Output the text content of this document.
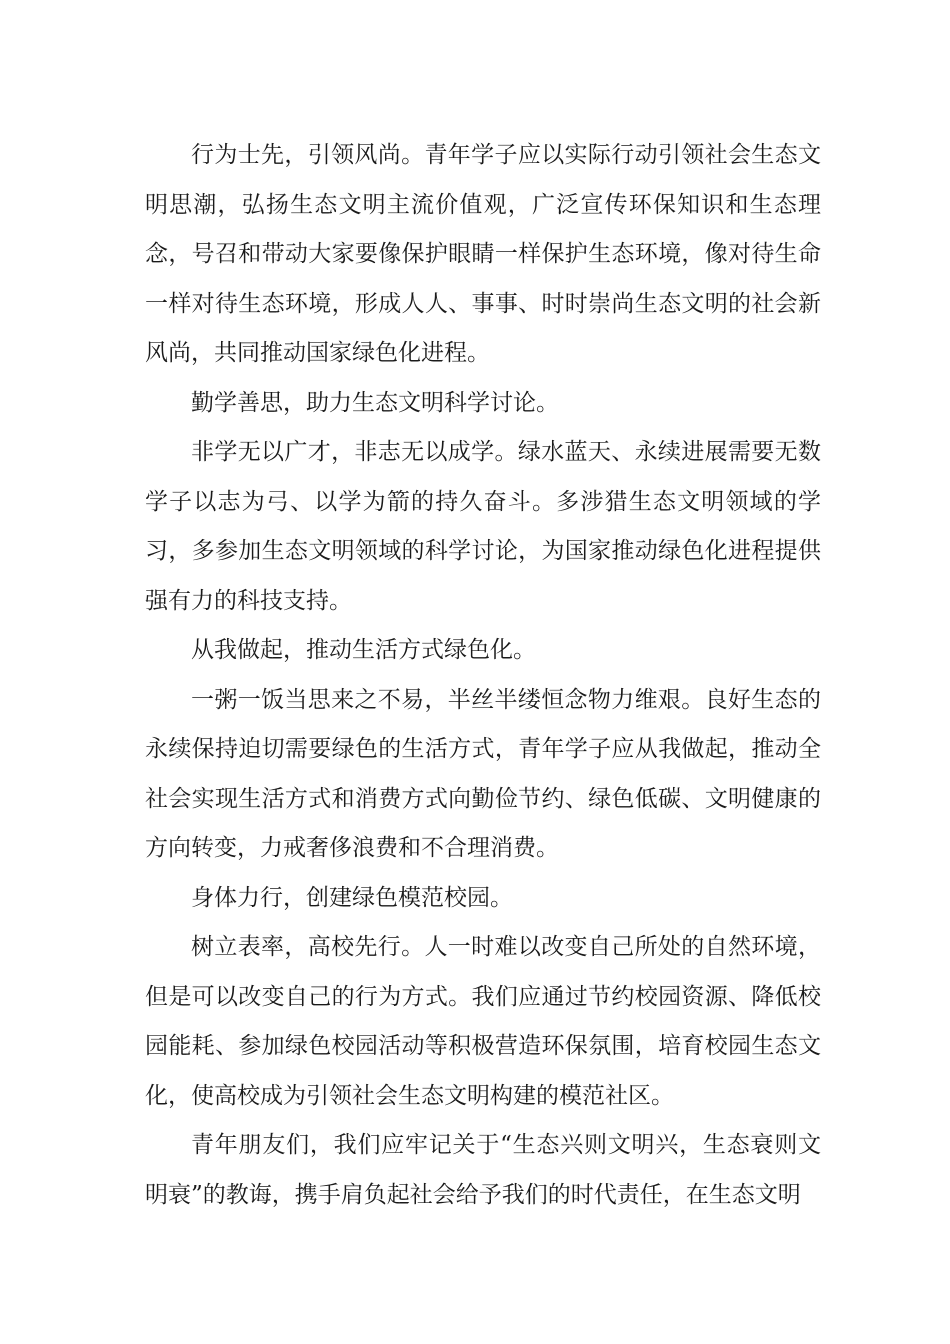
行为士先，引领风尚。青年学子应以实际行动引领社会生态文明思潮，弘扬生态文明主流价值观，广泛宣传环保知识和生态理念，号召和带动大家要像保护眼睛一样保护生态环境，像对待生命一样对待生态环境，形成人人、事事、时时崇尚生态文明的社会新风尚，共同推动国家绿色化进程。

勤学善思，助力生态文明科学讨论。

非学无以广才，非志无以成学。绿水蓝天、永续进展需要无数学子以志为弓、以学为箭的持久奋斗。多涉猎生态文明领域的学习，多参加生态文明领域的科学讨论，为国家推动绿色化进程提供强有力的科技支持。

从我做起，推动生活方式绿色化。

一粥一饭当思来之不易，半丝半缕恒念物力维艰。良好生态的永续保持迫切需要绿色的生活方式，青年学子应从我做起，推动全社会实现生活方式和消费方式向勤俭节约、绿色低碳、文明健康的方向转变，力戒奢侈浪费和不合理消费。

身体力行，创建绿色模范校园。

树立表率，高校先行。人一时难以改变自己所处的自然环境，但是可以改变自己的行为方式。我们应通过节约校园资源、降低校园能耗、参加绿色校园活动等积极营造环保氛围，培育校园生态文化，使高校成为引领社会生态文明构建的模范社区。

青年朋友们，我们应牢记关于“生态兴则文明兴，生态衰则文明衰”的教诲，携手肩负起社会给予我们的时代责任，在生态文明
